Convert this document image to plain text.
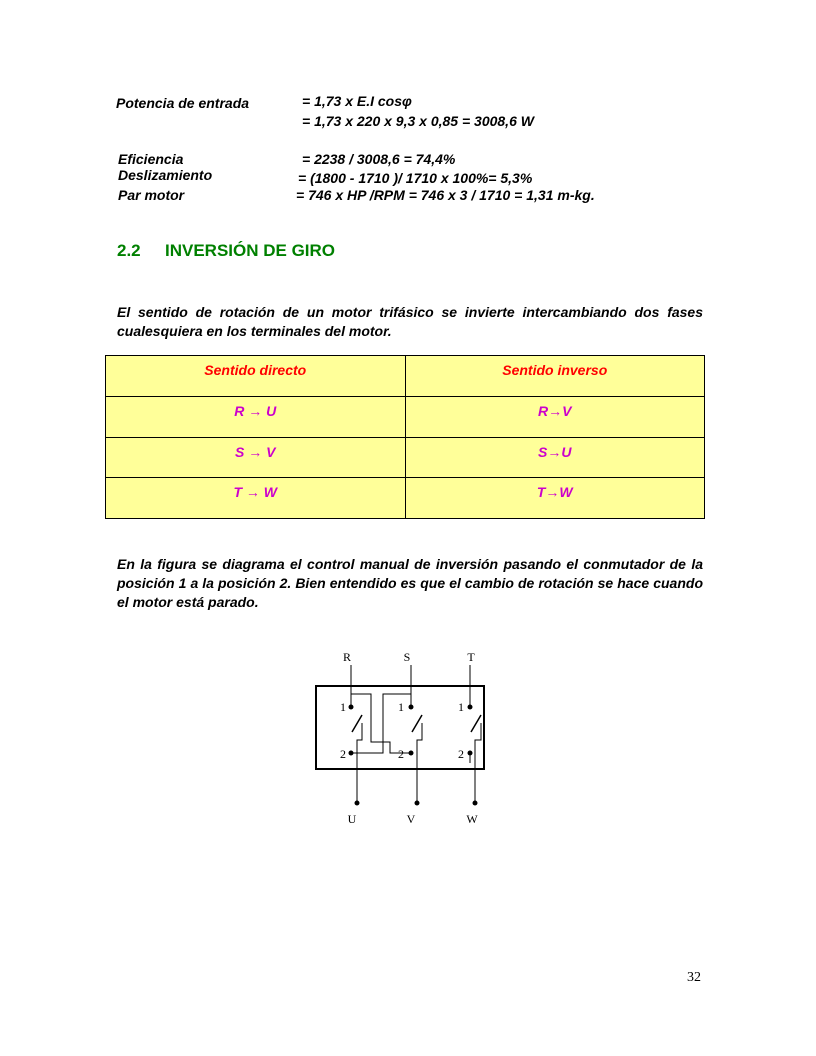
Potencia de entrada	= 1,73 x E.I cosφ
= 1,73 x 220 x 9,3 x 0,85 = 3008,6 W
Eficiencia	= 2238 / 3008,6 = 74,4%
Deslizamiento	= (1800 - 1710 )/ 1710 x 100%= 5,3%
Par motor	= 746 x HP /RPM = 746 x 3 / 1710 = 1,31 m-kg.
2.2 INVERSIÓN DE GIRO
El sentido de rotación de un motor trifásico se invierte intercambiando dos fases cualesquiera en los terminales del motor.
Sentido directo	Sentido inverso
R → U	R→V
S → V	S→U
T → W	T→W
En la figura se diagrama el control manual de inversión pasando el conmutador de la posición 1 a la posición 2. Bien entendido es que el cambio de rotación se hace cuando el motor está parado.
R	S	T
1	1	1
2	2	2
U	V	W
32
